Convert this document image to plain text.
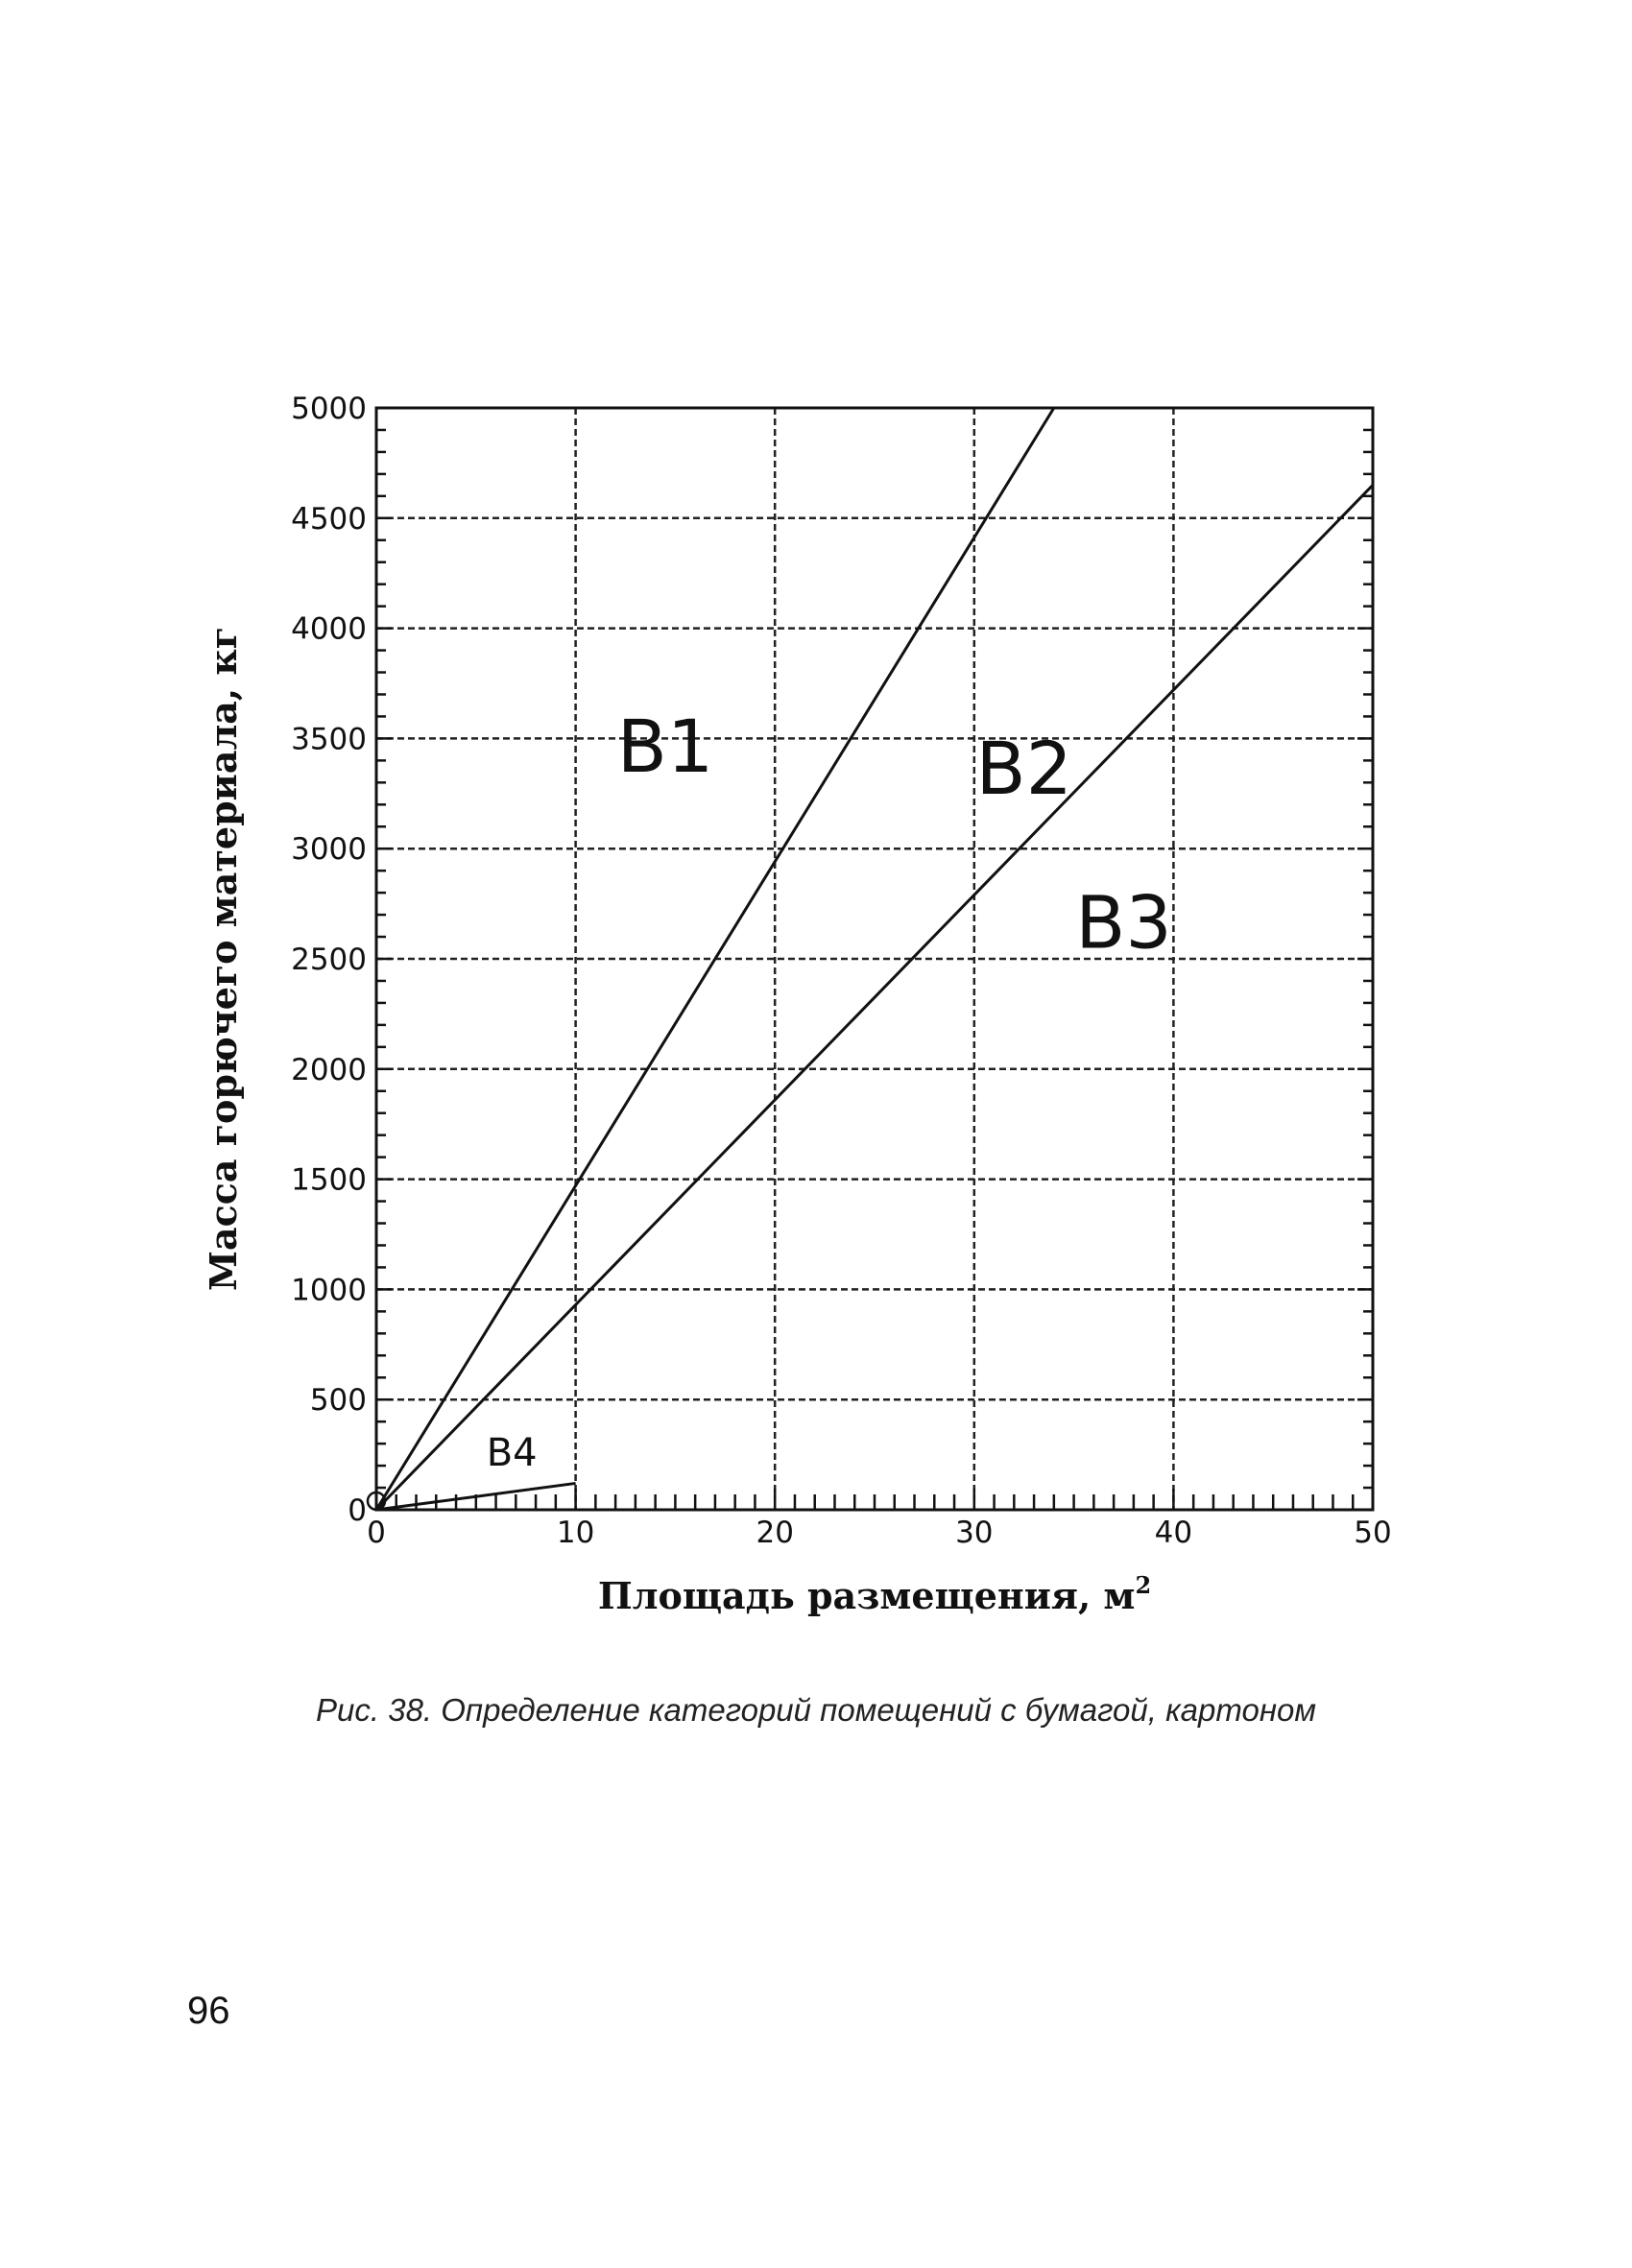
0
500
1000
1500
2000
2500
3000
3500
4000
4500
5000
0	10	20	30	40	50
B1	B2
B3
B4
Площадь размещения, $м^2$
Масса горючего материала, кг
Рис. 38. Определение категорий помещений с бумагой, картоном
96
